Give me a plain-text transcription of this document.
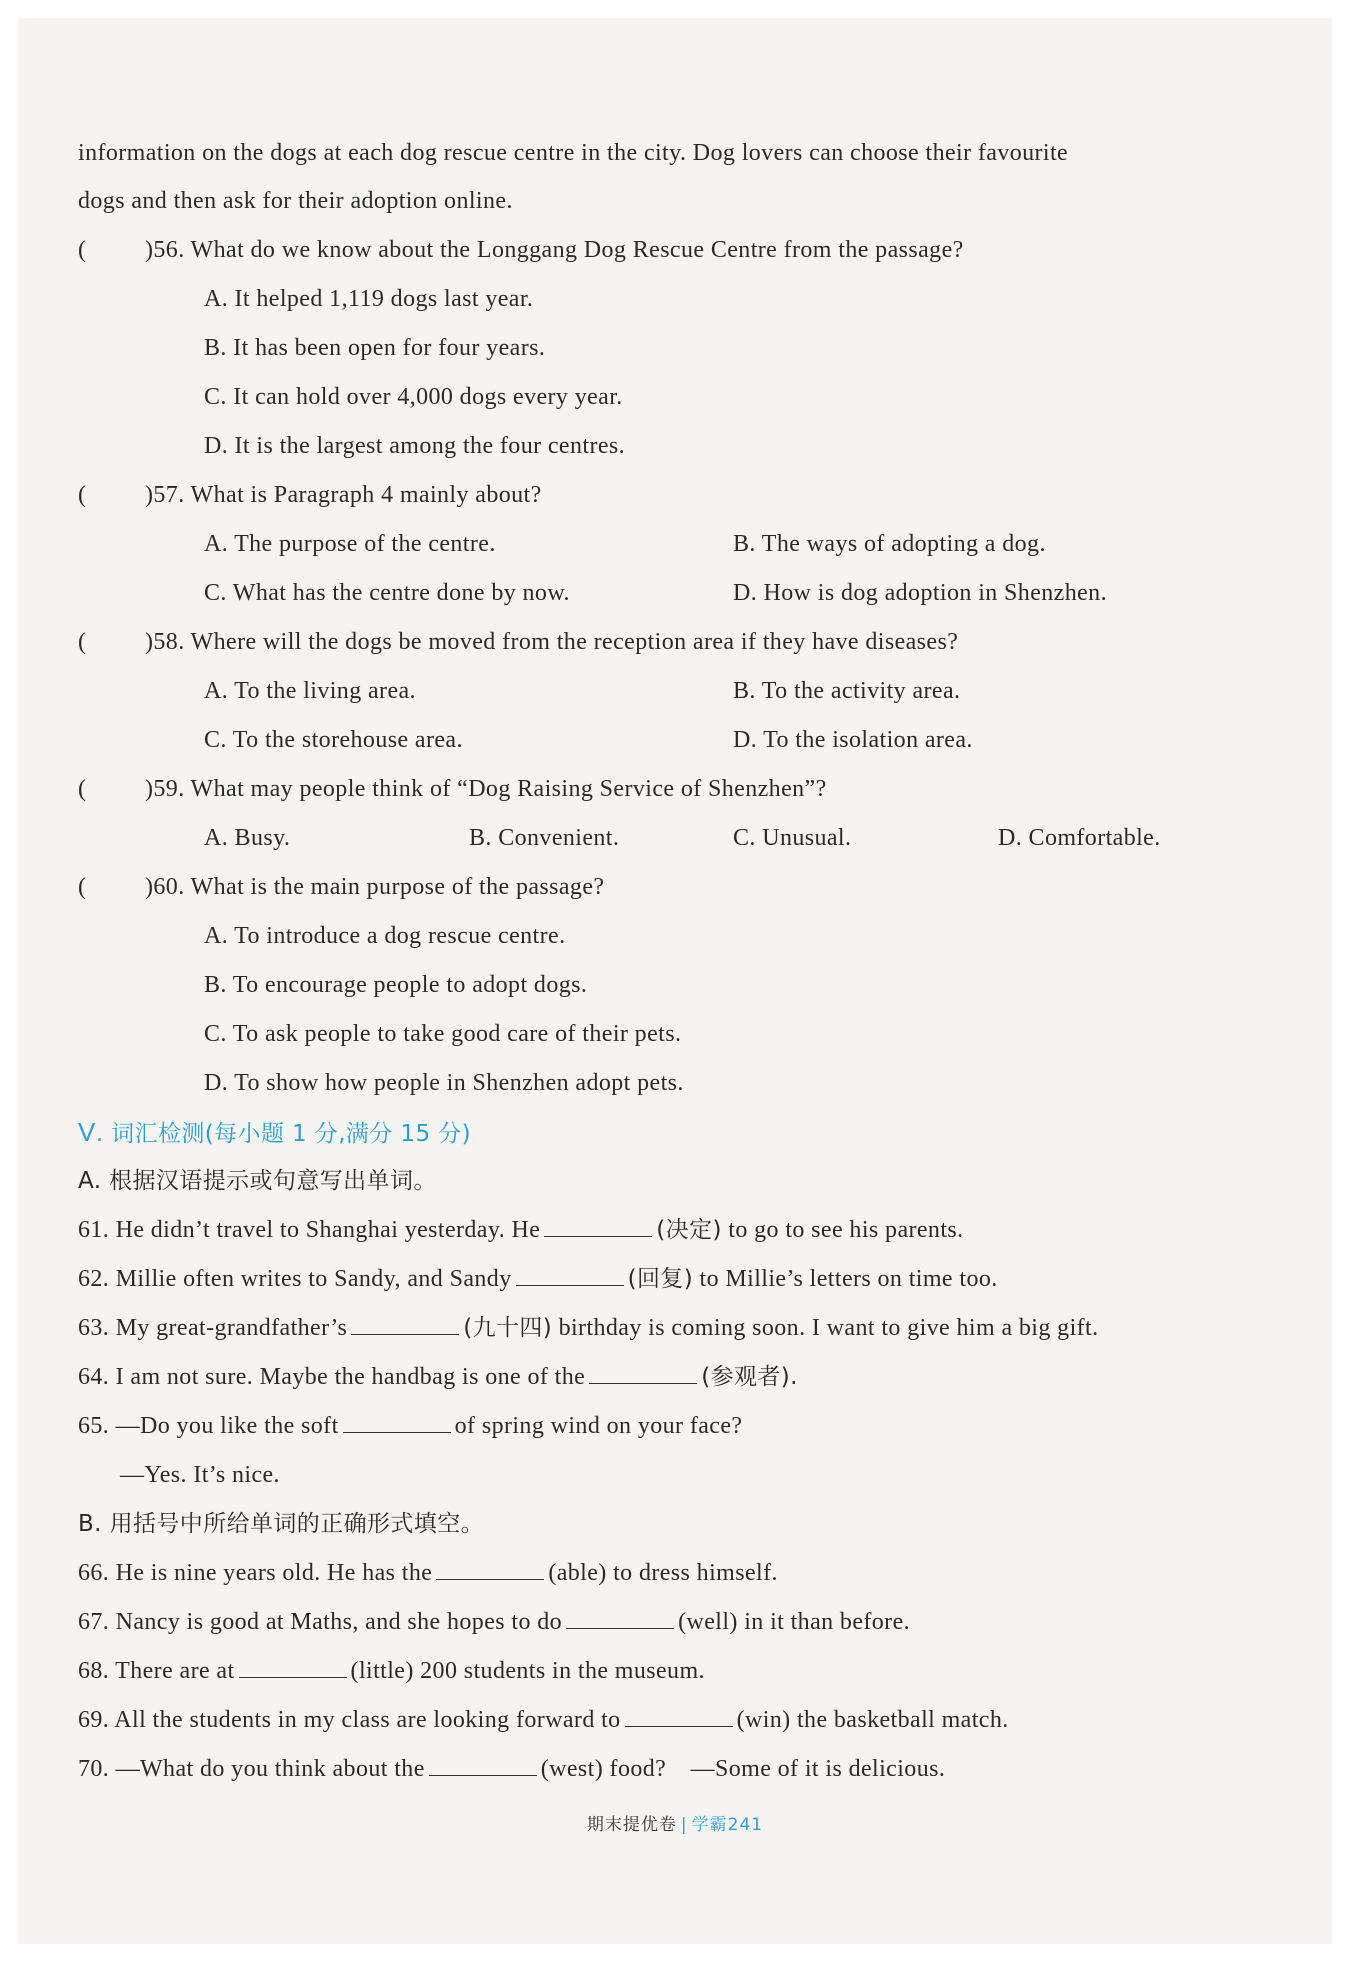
information on the dogs at each dog rescue centre in the city. Dog lovers can choose their favourite
dogs and then ask for their adoption online.
( )56. What do we know about the Longgang Dog Rescue Centre from the passage?
A. It helped 1,119 dogs last year.
B. It has been open for four years.
C. It can hold over 4,000 dogs every year.
D. It is the largest among the four centres.
( )57. What is Paragraph 4 mainly about?
A. The purpose of the centre.	B. The ways of adopting a dog.
C. What has the centre done by now.	D. How is dog adoption in Shenzhen.
( )58. Where will the dogs be moved from the reception area if they have diseases?
A. To the living area.	B. To the activity area.
C. To the storehouse area.	D. To the isolation area.
( )59. What may people think of “Dog Raising Service of Shenzhen”?
A. Busy.	B. Convenient.	C. Unusual.	D. Comfortable.
( )60. What is the main purpose of the passage?
A. To introduce a dog rescue centre.
B. To encourage people to adopt dogs.
C. To ask people to take good care of their pets.
D. To show how people in Shenzhen adopt pets.
V. 词汇检测(每小题 1 分,满分 15 分)
A. 根据汉语提示或句意写出单词。
61. He didn’t travel to Shanghai yesterday. He	(决定) to go to see his parents.
62. Millie often writes to Sandy, and Sandy	(回复) to Millie’s letters on time too.
63. My great-grandfather’s	(九十四) birthday is coming soon. I want to give him a big gift.
64. I am not sure. Maybe the handbag is one of the	(参观者).
65. —Do you like the soft	of spring wind on your face?
—Yes. It’s nice.
B. 用括号中所给单词的正确形式填空。
66. He is nine years old. He has the	(able) to dress himself.
67. Nancy is good at Maths, and she hopes to do	(well) in it than before.
68. There are at	(little) 200 students in the museum.
69. All the students in my class are looking forward to	(win) the basketball match.
70. —What do you think about the	(west) food?　—Some of it is delicious.
期末提优卷 | 学霸241
